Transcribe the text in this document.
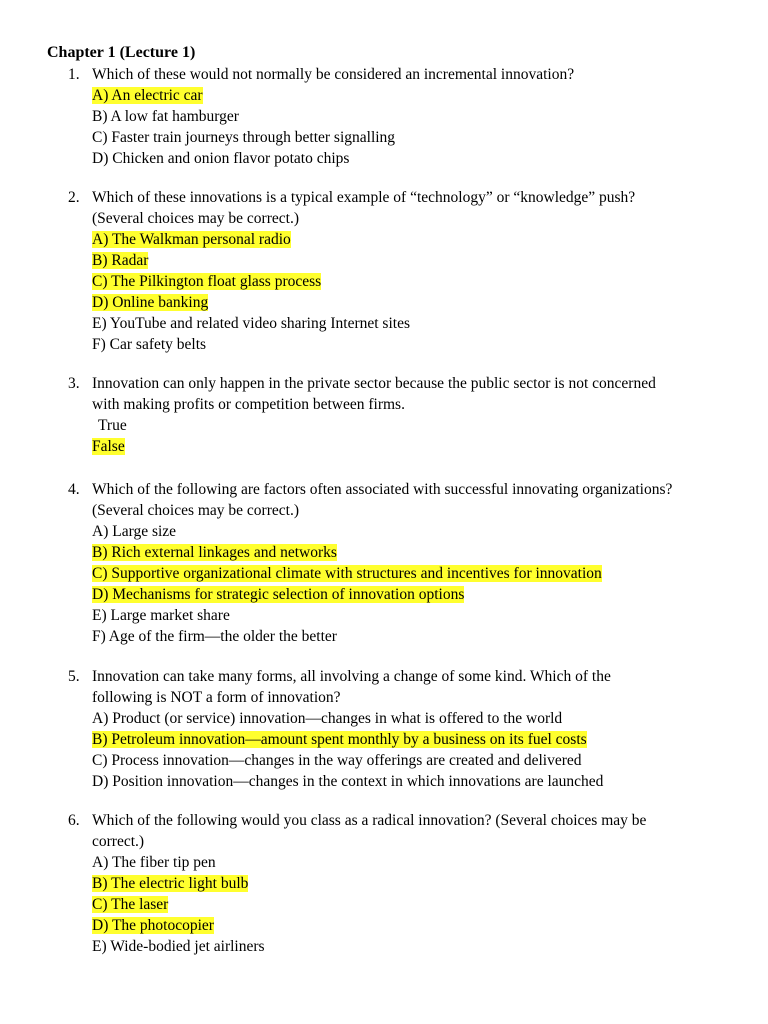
Chapter 1 (Lecture 1)
1. Which of these would not normally be considered an incremental innovation?
A) An electric car
B) A low fat hamburger
C) Faster train journeys through better signalling
D) Chicken and onion flavor potato chips
2. Which of these innovations is a typical example of “technology” or “knowledge” push?
(Several choices may be correct.)
A) The Walkman personal radio
B) Radar
C) The Pilkington float glass process
D) Online banking
E) YouTube and related video sharing Internet sites
F) Car safety belts
3. Innovation can only happen in the private sector because the public sector is not concerned
with making profits or competition between firms.
True
False
4. Which of the following are factors often associated with successful innovating organizations?
(Several choices may be correct.)
A) Large size
B) Rich external linkages and networks
C) Supportive organizational climate with structures and incentives for innovation
D) Mechanisms for strategic selection of innovation options
E) Large market share
F) Age of the firm—the older the better
5. Innovation can take many forms, all involving a change of some kind. Which of the
following is NOT a form of innovation?
A) Product (or service) innovation—changes in what is offered to the world
B) Petroleum innovation—amount spent monthly by a business on its fuel costs
C) Process innovation—changes in the way offerings are created and delivered
D) Position innovation—changes in the context in which innovations are launched
6. Which of the following would you class as a radical innovation? (Several choices may be
correct.)
A) The fiber tip pen
B) The electric light bulb
C) The laser
D) The photocopier
E) Wide-bodied jet airliners
